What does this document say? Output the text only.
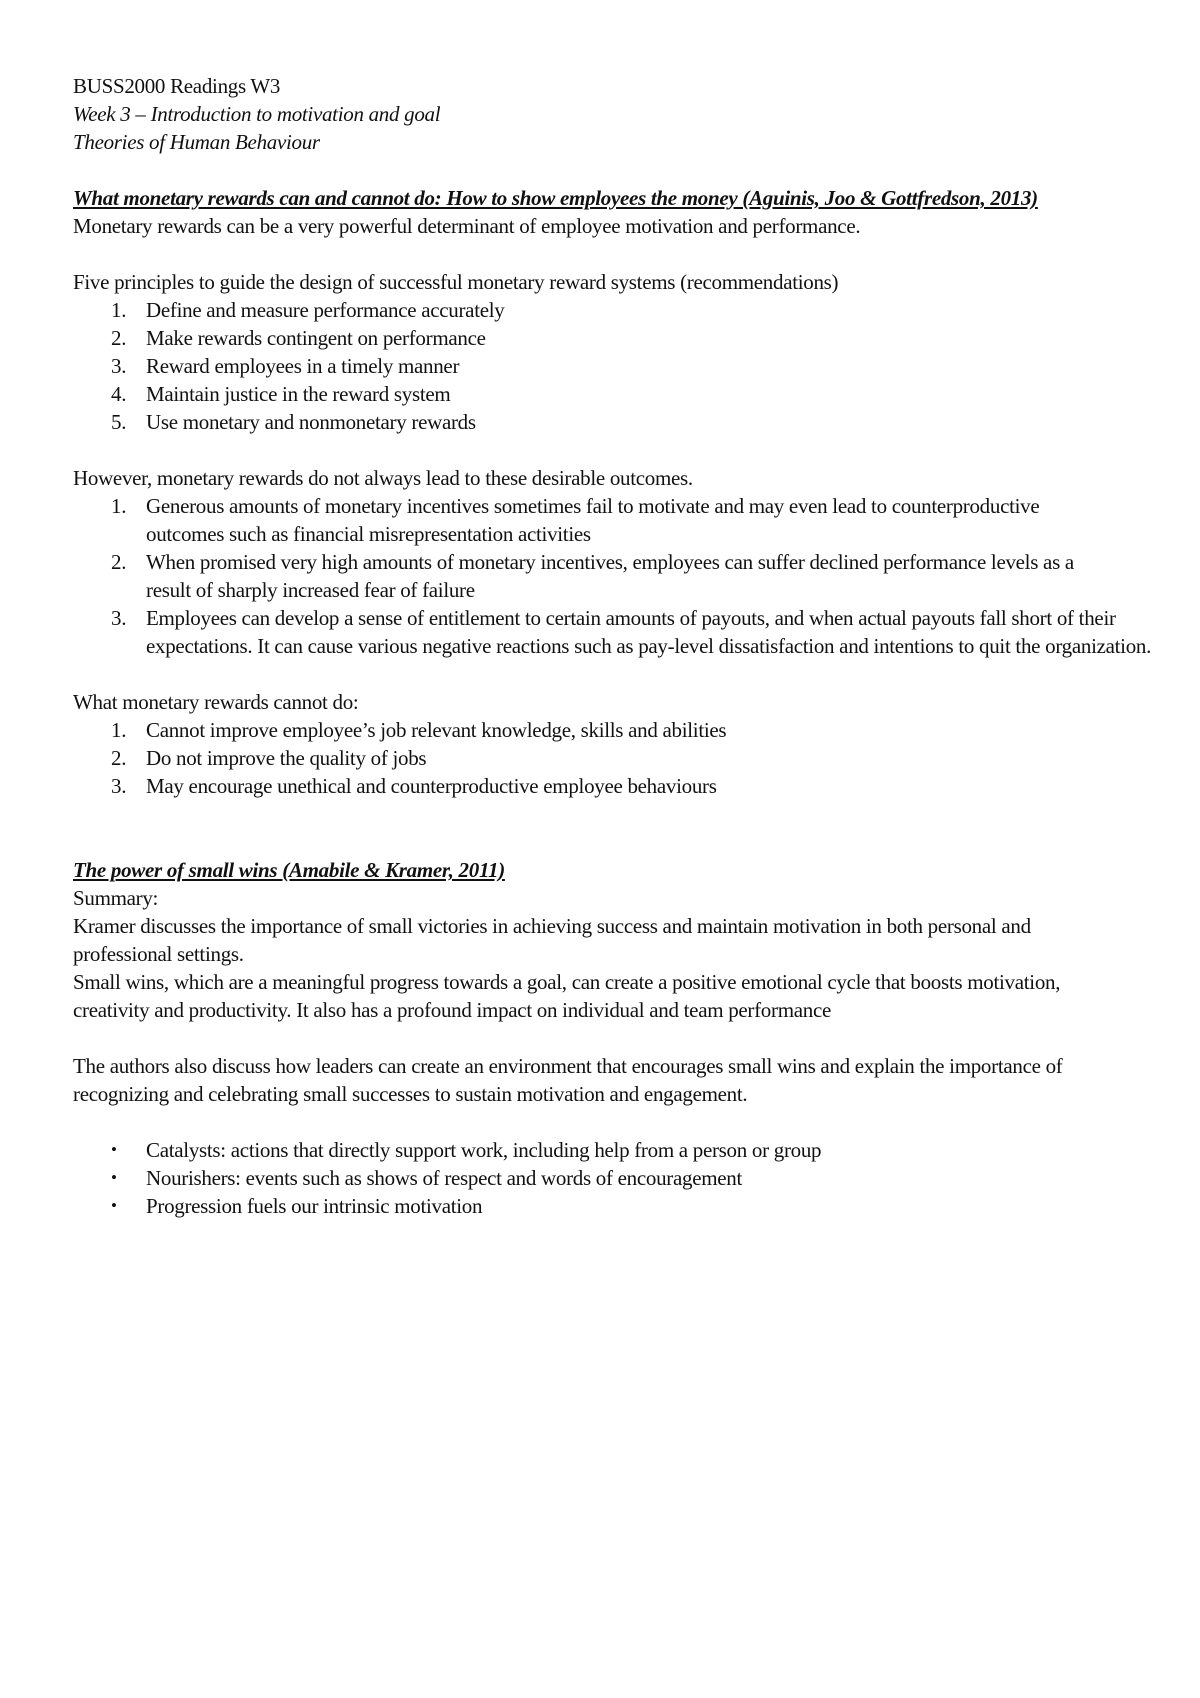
BUSS2000 Readings W3
Week 3 – Introduction to motivation and goal
Theories of Human Behaviour
What monetary rewards can and cannot do: How to show employees the money (Aguinis, Joo & Gottfredson, 2013)
Monetary rewards can be a very powerful determinant of employee motivation and performance.
Five principles to guide the design of successful monetary reward systems (recommendations)
1. Define and measure performance accurately
2. Make rewards contingent on performance
3. Reward employees in a timely manner
4. Maintain justice in the reward system
5. Use monetary and nonmonetary rewards
However, monetary rewards do not always lead to these desirable outcomes.
1. Generous amounts of monetary incentives sometimes fail to motivate and may even lead to counterproductive outcomes such as financial misrepresentation activities
2. When promised very high amounts of monetary incentives, employees can suffer declined performance levels as a result of sharply increased fear of failure
3. Employees can develop a sense of entitlement to certain amounts of payouts, and when actual payouts fall short of their expectations. It can cause various negative reactions such as pay-level dissatisfaction and intentions to quit the organization.
What monetary rewards cannot do:
1. Cannot improve employee’s job relevant knowledge, skills and abilities
2. Do not improve the quality of jobs
3. May encourage unethical and counterproductive employee behaviours
The power of small wins (Amabile & Kramer, 2011)
Summary:
Kramer discusses the importance of small victories in achieving success and maintain motivation in both personal and professional settings.
Small wins, which are a meaningful progress towards a goal, can create a positive emotional cycle that boosts motivation, creativity and productivity. It also has a profound impact on individual and team performance
The authors also discuss how leaders can create an environment that encourages small wins and explain the importance of recognizing and celebrating small successes to sustain motivation and engagement.
• Catalysts: actions that directly support work, including help from a person or group
• Nourishers: events such as shows of respect and words of encouragement
• Progression fuels our intrinsic motivation
